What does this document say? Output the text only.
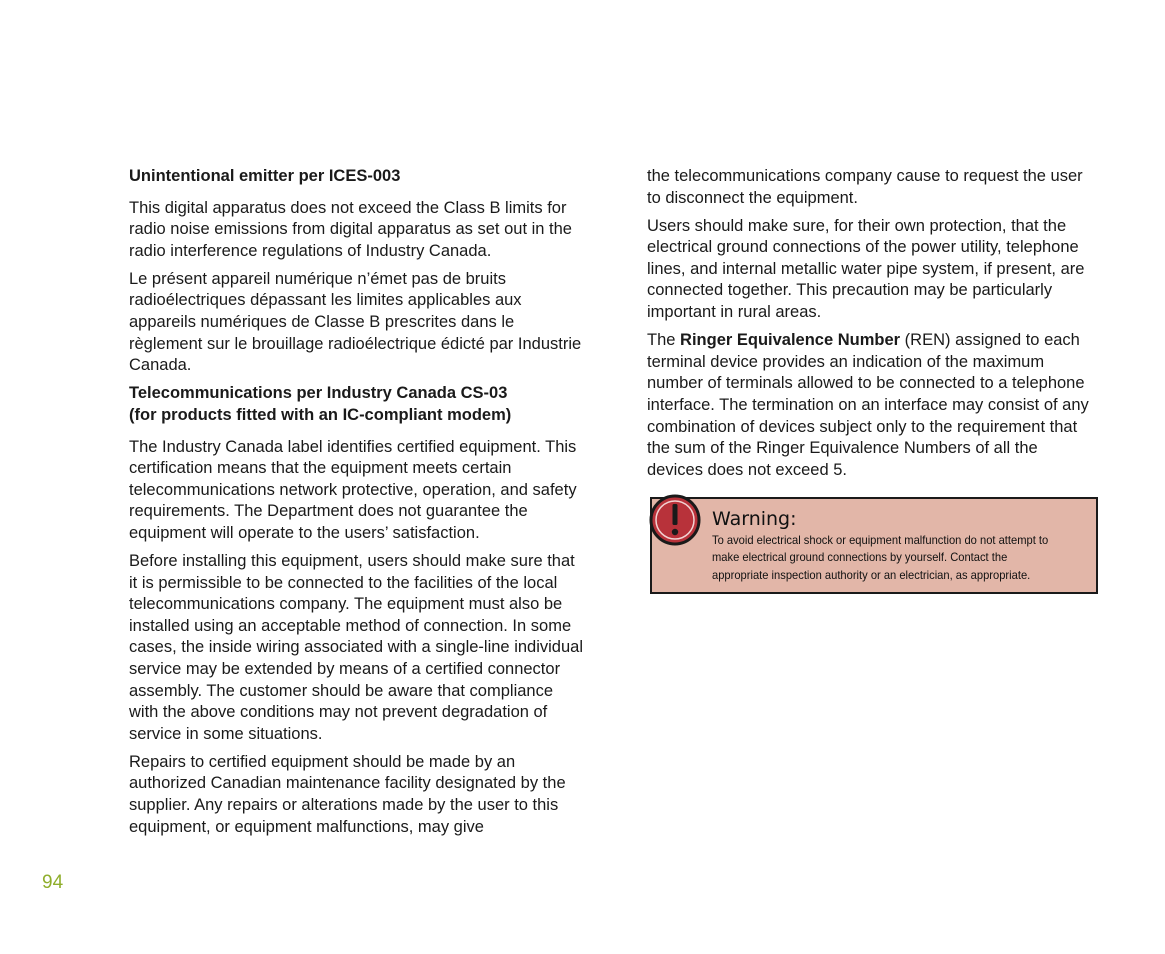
Unintentional emitter per ICES-003

This digital apparatus does not exceed the Class B limits for radio noise emissions from digital apparatus as set out in the radio interference regulations of Industry Canada.

Le présent appareil numérique n’émet pas de bruits radioélectriques dépassant les limites applicables aux appareils numériques de Classe B prescrites dans le règlement sur le brouillage radioélectrique édicté par Industrie Canada.

Telecommunications per Industry Canada CS-03
(for products fitted with an IC-compliant modem)

The Industry Canada label identifies certified equipment. This certification means that the equipment meets certain telecommunications network protective, operation, and safety requirements. The Department does not guarantee the equipment will operate to the users’ satisfaction.

Before installing this equipment, users should make sure that it is permissible to be connected to the facilities of the local telecommunications company. The equipment must also be installed using an acceptable method of connection. In some cases, the inside wiring associated with a single-line individual service may be extended by means of a certified connector assembly. The customer should be aware that compliance with the above conditions may not prevent degradation of service in some situations.

Repairs to certified equipment should be made by an authorized Canadian maintenance facility designated by the supplier. Any repairs or alterations made by the user to this equipment, or equipment malfunctions, may give

the telecommunications company cause to request the user to disconnect the equipment.

Users should make sure, for their own protection, that the electrical ground connections of the power utility, telephone lines, and internal metallic water pipe system, if present, are connected together. This precaution may be particularly important in rural areas.

The Ringer Equivalence Number (REN) assigned to each terminal device provides an indication of the maximum number of terminals allowed to be connected to a telephone interface. The termination on an interface may consist of any combination of devices subject only to the requirement that the sum of the Ringer Equivalence Numbers of all the devices does not exceed 5.

Warning:
To avoid electrical shock or equipment malfunction do not attempt to make electrical ground connections by yourself. Contact the appropriate inspection authority or an electrician, as appropriate.
94
